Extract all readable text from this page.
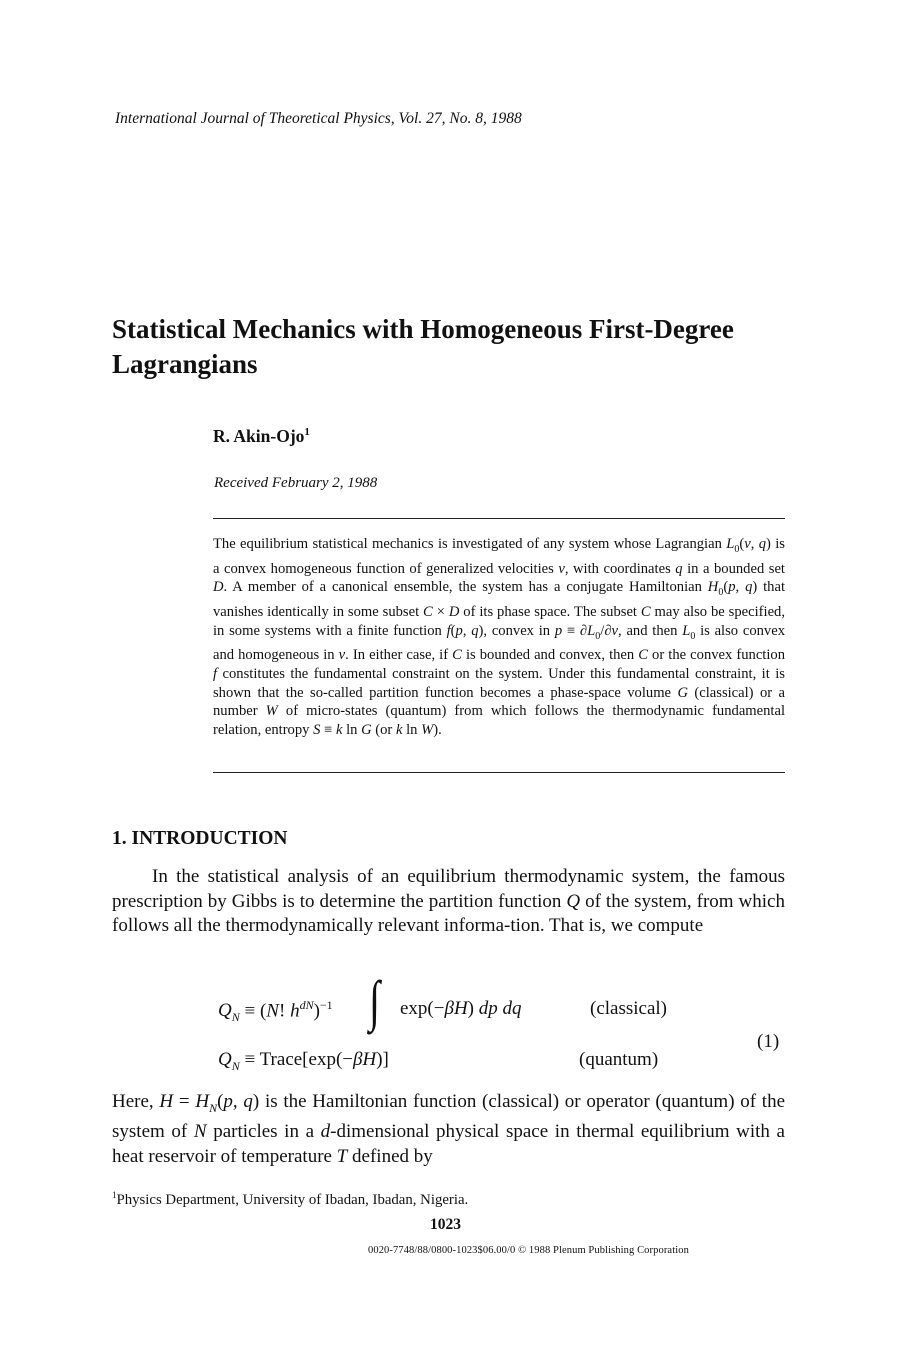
International Journal of Theoretical Physics, Vol. 27, No. 8, 1988
Statistical Mechanics with Homogeneous First-Degree Lagrangians
R. Akin-Ojo$^1$
Received February 2, 1988
The equilibrium statistical mechanics is investigated of any system whose Lagrangian $L_0(v$, q) is a convex homogeneous function of generalized velocities v, with coordinates q in a bounded set D. A member of a canonical ensemble, the system has a conjugate Hamiltonian $H_0(p$, q) that vanishes identically in some subset C × D of its phase space. The subset C may also be specified, in some systems with a finite function f(p, q), convex in $p \equiv \partial L_0/\partial v$, and then $L_0$ is also convex and homogeneous in v. In either case, if C is bounded and convex, then C or the convex function f constitutes the fundamental constraint on the system. Under this fundamental constraint, it is shown that the so-called partition function becomes a phase-space volume G (classical) or a number W of micro-states (quantum) from which follows the thermodynamic fundamental relation, entropy S ≡ k ln G (or k ln W).
1. INTRODUCTION
In the statistical analysis of an equilibrium thermodynamic system, the famous prescription by Gibbs is to determine the partition function Q of the system, from which follows all the thermodynamically relevant informa-tion. That is, we compute
$Q_N \equiv (N$! $h^{dN})^{-1}$ ∫ exp(−βH) dp dq	(classical)
$Q_N$ ≡ Trace[exp(−βH)]	(quantum)
(1)
Here, $H = H_N(p$, q) is the Hamiltonian function (classical) or operator (quantum) of the system of N particles in a d-dimensional physical space in thermal equilibrium with a heat reservoir of temperature T defined by
$^1$Physics Department, University of Ibadan, Ibadan, Nigeria.
1023
0020-7748/88/0800-1023$06.00/0 © 1988 Plenum Publishing Corporation
